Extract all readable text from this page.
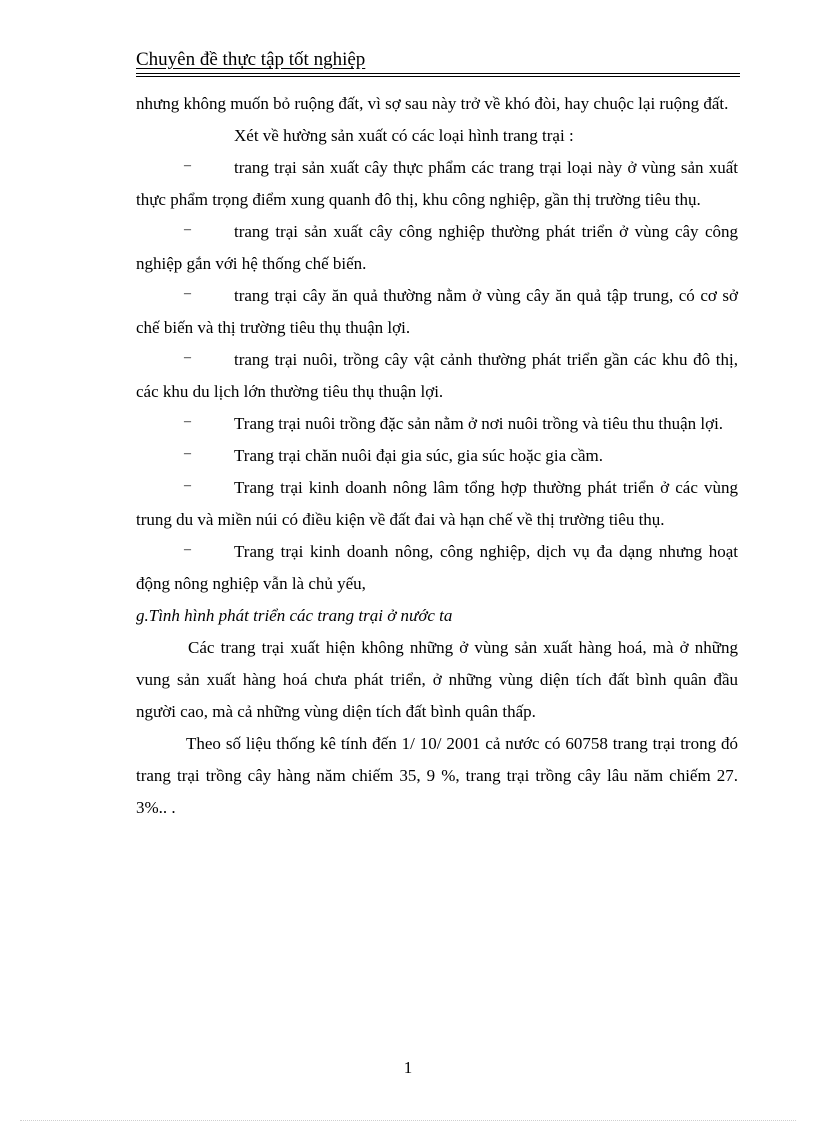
Chuyên đề thực tập tốt nghiệp

nhưng không muốn bỏ ruộng đất, vì sợ sau này trở về khó đòi, hay chuộc lại ruộng đất.

Xét về hường sản xuất có các loại hình trang trại :

–	trang trại sản xuất cây thực phẩm các trang trại loại này ở vùng sản xuất thực phẩm trọng điểm xung quanh đô thị, khu công nghiệp, gần thị trường tiêu thụ.

–	trang trại sản xuất cây công nghiệp thường phát triển ở vùng cây công nghiệp gắn với hệ thống chế biến.

–	trang trại cây ăn quả thường nằm ở vùng cây ăn quả tập trung, có cơ sở chế biến và thị trường tiêu thụ thuận lợi.

–	trang trại nuôi, trồng cây vật cảnh thường phát triển gần các khu đô thị, các khu du lịch lớn thường tiêu thụ thuận lợi.

–	Trang trại nuôi trồng đặc sản nằm ở nơi nuôi trồng và tiêu thu thuận lợi.

–	Trang trại chăn nuôi đại gia súc, gia súc hoặc gia cầm.

–	Trang trại kinh doanh nông lâm tổng hợp thường phát triển ở các vùng trung du và miền núi có điều kiện về đất đai và hạn chế về thị trường tiêu thụ.

–	Trang trại kinh doanh nông, công nghiệp, dịch vụ đa dạng nhưng hoạt động nông nghiệp vẫn là chủ yếu,

g.Tình hình phát triển các trang trại ở nước ta

Các trang trại xuất hiện không những ở vùng sản xuất hàng hoá, mà ở những vung sản xuất hàng hoá chưa phát triển, ở những vùng diện tích đất bình quân đầu người cao, mà cả những vùng diện tích đất bình quân thấp.

Theo số liệu thống kê tính đến 1/ 10/ 2001 cả nước có 60758 trang trại trong đó trang trại trồng cây hàng năm chiếm 35, 9 %, trang trại trồng cây lâu năm chiếm 27. 3%.. .

1
